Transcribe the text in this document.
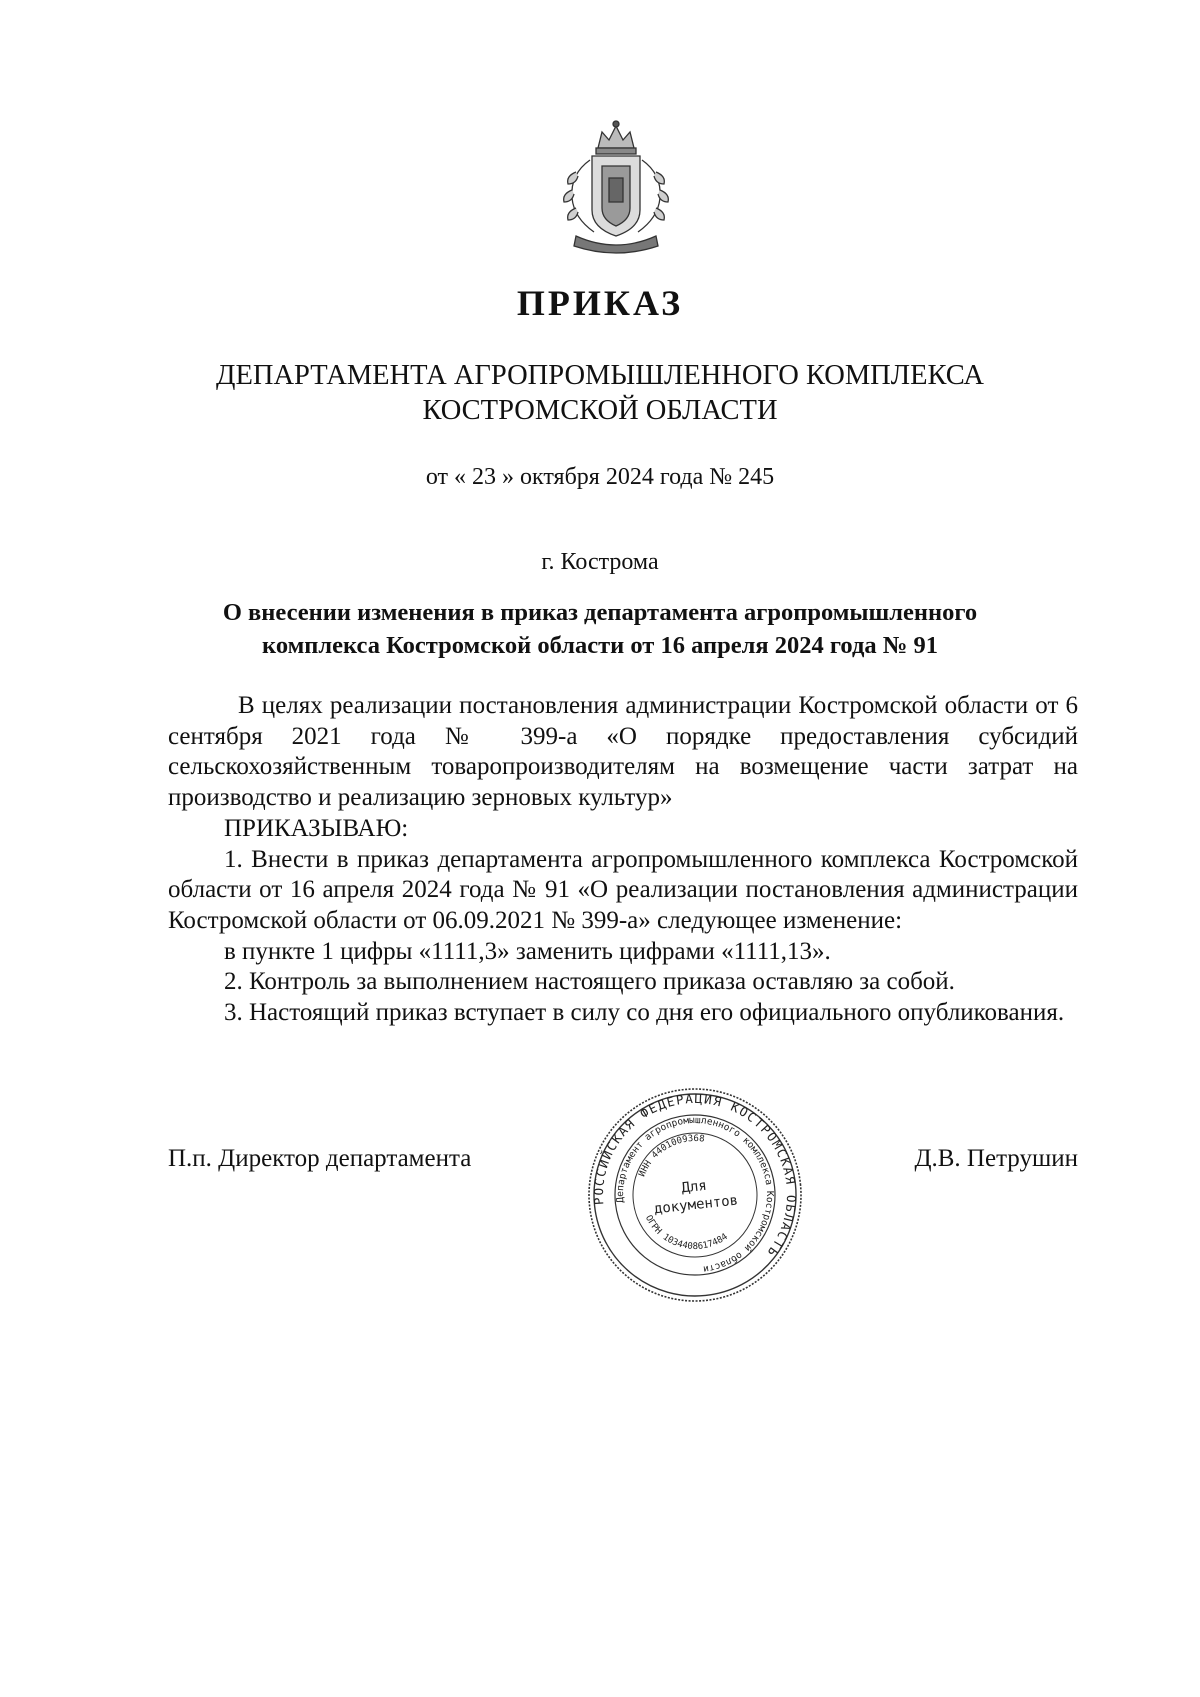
ПРИКАЗ
ДЕПАРТАМЕНТА АГРОПРОМЫШЛЕННОГО КОМПЛЕКСА
КОСТРОМСКОЙ ОБЛАСТИ

от « 23 » октября 2024 года № 245

г. Кострома

О внесении изменения в приказ департамента агропромышленного
комплекса Костромской области от 16 апреля 2024 года № 91

В целях реализации постановления администрации Костромской области от 6 сентября 2021 года № 399-а «О порядке предоставления субсидий сельскохозяйственным товаропроизводителям на возмещение части затрат на производство и реализацию зерновых культур»

ПРИКАЗЫВАЮ:

1. Внести в приказ департамента агропромышленного комплекса Костромской области от 16 апреля 2024 года № 91 «О реализации постановления администрации Костромской области от 06.09.2021 № 399-а» следующее изменение:

в пункте 1 цифры «1111,3» заменить цифрами «1111,13».

2. Контроль за выполнением настоящего приказа оставляю за собой.

3. Настоящий приказ вступает в силу со дня его официального опубликования.

П.п. Директор департамента	Д.В. Петрушин

РОССИЙСКАЯ ФЕДЕРАЦИЯ КОСТРОМСКАЯ ОБЛАСТЬ
Департамент агропромышленного комплекса Костромской области
ИНН 4401009368
ОГРН 1034408617484
Для
документов
